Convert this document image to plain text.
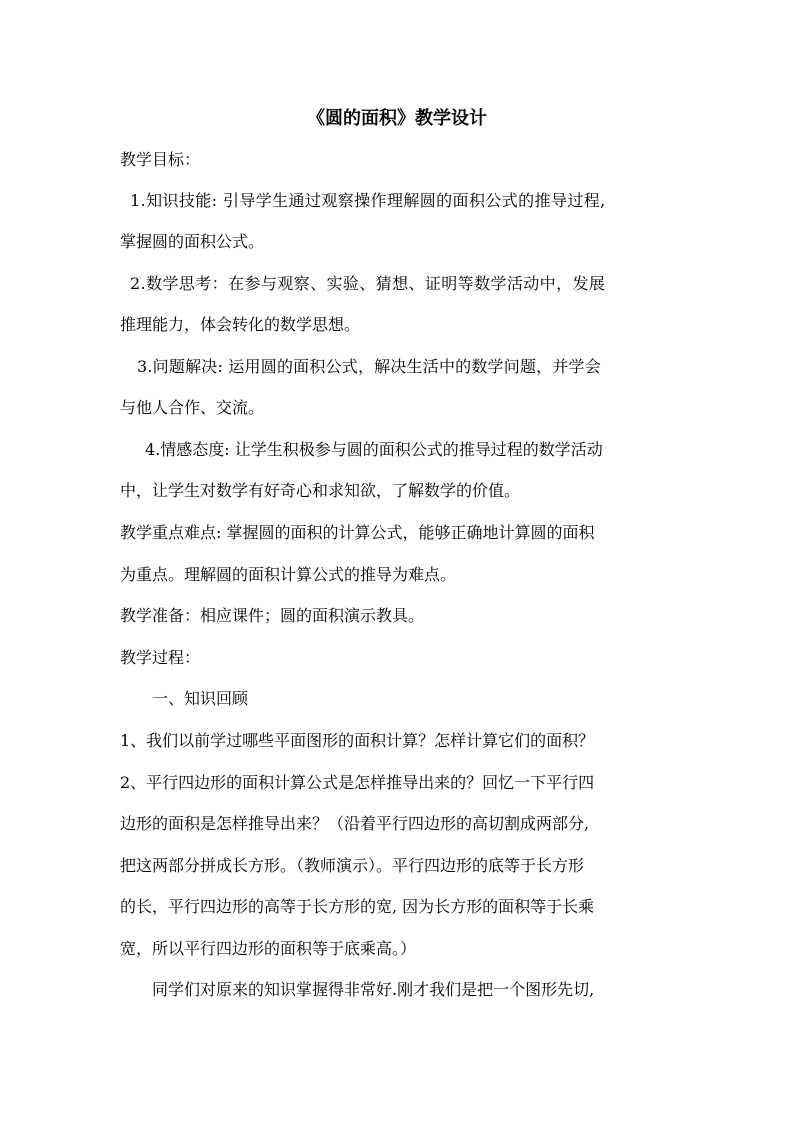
《圆的面积》教学设计
教学目标：
1.知识技能: 引导学生通过观察操作理解圆的面积公式的推导过程,
掌握圆的面积公式。
2.数学思考：在参与观察、实验、猜想、证明等数学活动中，发展
推理能力，体会转化的数学思想。
3.问题解决: 运用圆的面积公式，解决生活中的数学问题，并学会
与他人合作、交流。
4.情感态度: 让学生积极参与圆的面积公式的推导过程的数学活动
中，让学生对数学有好奇心和求知欲，了解数学的价值。
教学重点难点: 掌握圆的面积的计算公式，能够正确地计算圆的面积
为重点。理解圆的面积计算公式的推导为难点。
教学准备：相应课件；圆的面积演示教具。
教学过程：
一、知识回顾
1、我们以前学过哪些平面图形的面积计算？怎样计算它们的面积？
2、平行四边形的面积计算公式是怎样推导出来的？回忆一下平行四
边形的面积是怎样推导出来？（沿着平行四边形的高切割成两部分,
把这两部分拼成长方形。（教师演示）。平行四边形的底等于长方形
的长，平行四边形的高等于长方形的宽, 因为长方形的面积等于长乘
宽，所以平行四边形的面积等于底乘高。）
同学们对原来的知识掌握得非常好.刚才我们是把一个图形先切,
